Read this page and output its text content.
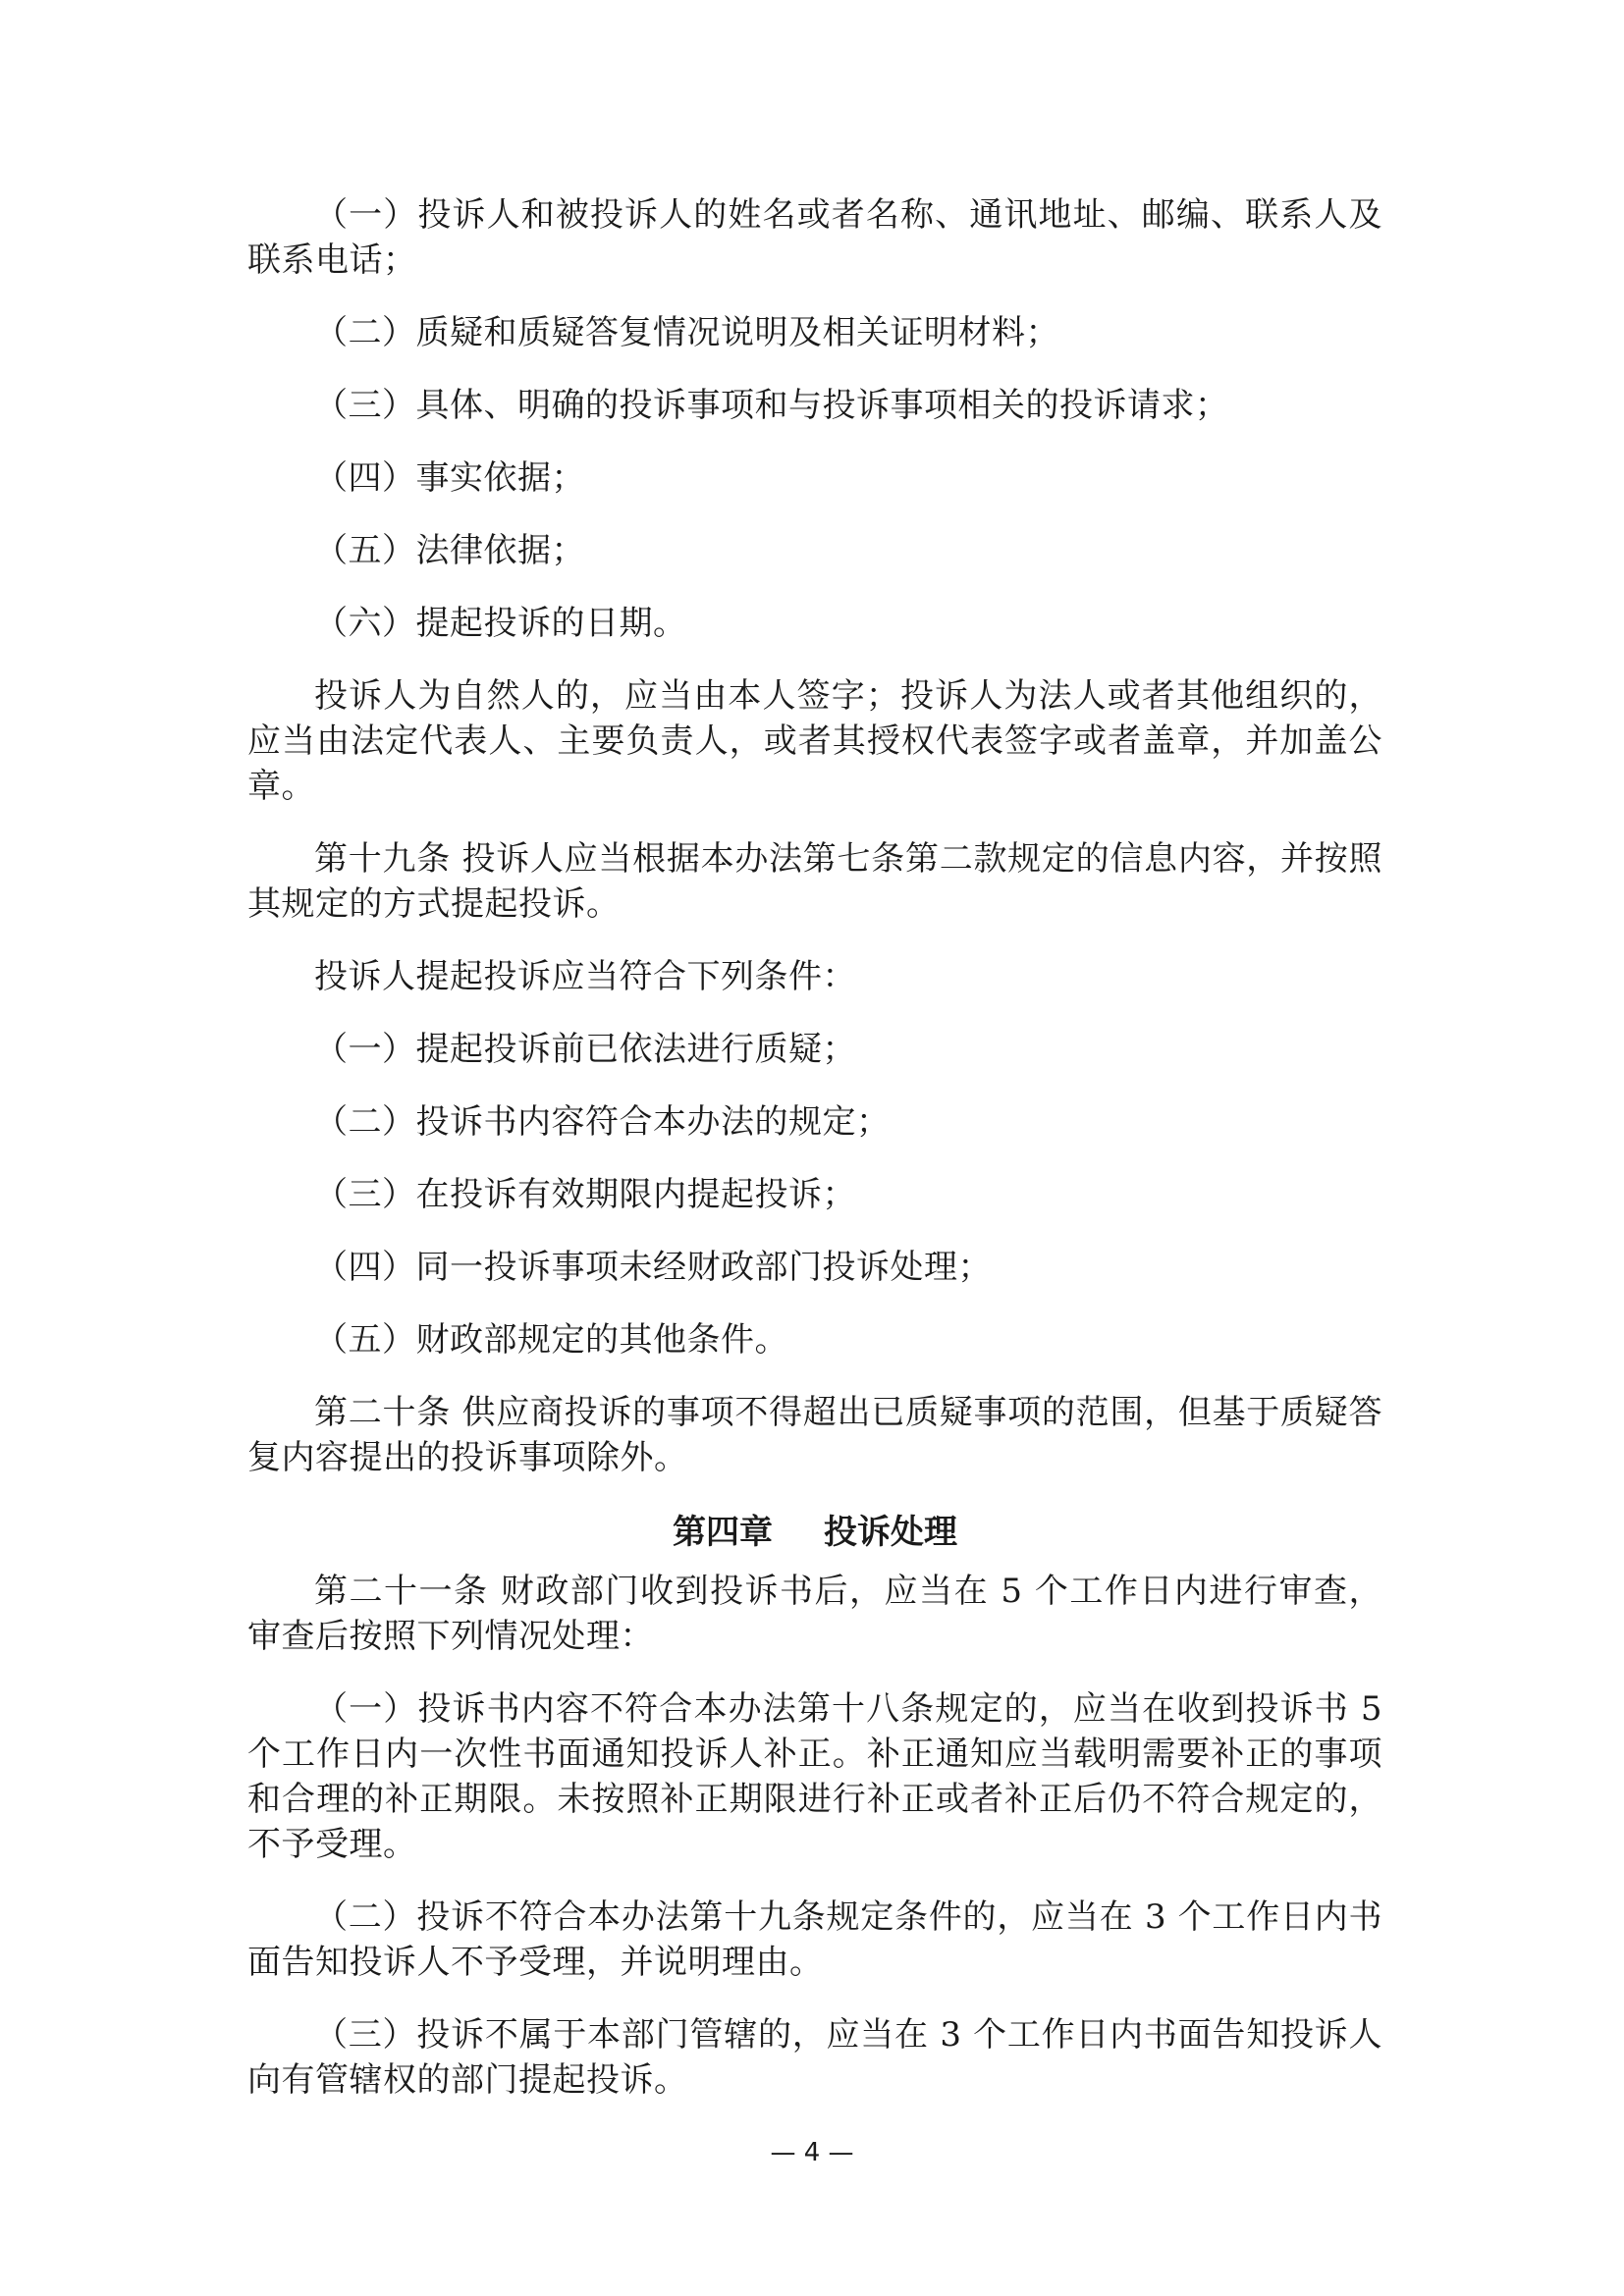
（一）投诉人和被投诉人的姓名或者名称、通讯地址、邮编、联系人及联系电话；

（二）质疑和质疑答复情况说明及相关证明材料；

（三）具体、明确的投诉事项和与投诉事项相关的投诉请求；

（四）事实依据；

（五）法律依据；

（六）提起投诉的日期。

投诉人为自然人的，应当由本人签字；投诉人为法人或者其他组织的，应当由法定代表人、主要负责人，或者其授权代表签字或者盖章，并加盖公章。

第十九条 投诉人应当根据本办法第七条第二款规定的信息内容，并按照其规定的方式提起投诉。

投诉人提起投诉应当符合下列条件：

（一）提起投诉前已依法进行质疑；

（二）投诉书内容符合本办法的规定；

（三）在投诉有效期限内提起投诉；

（四）同一投诉事项未经财政部门投诉处理；

（五）财政部规定的其他条件。

第二十条 供应商投诉的事项不得超出已质疑事项的范围，但基于质疑答复内容提出的投诉事项除外。

第四章 投诉处理

第二十一条 财政部门收到投诉书后，应当在 5 个工作日内进行审查，审查后按照下列情况处理：

（一）投诉书内容不符合本办法第十八条规定的，应当在收到投诉书 5 个工作日内一次性书面通知投诉人补正。补正通知应当载明需要补正的事项和合理的补正期限。未按照补正期限进行补正或者补正后仍不符合规定的，不予受理。

（二）投诉不符合本办法第十九条规定条件的，应当在 3 个工作日内书面告知投诉人不予受理，并说明理由。

（三）投诉不属于本部门管辖的，应当在 3 个工作日内书面告知投诉人向有管辖权的部门提起投诉。

— 4 —
